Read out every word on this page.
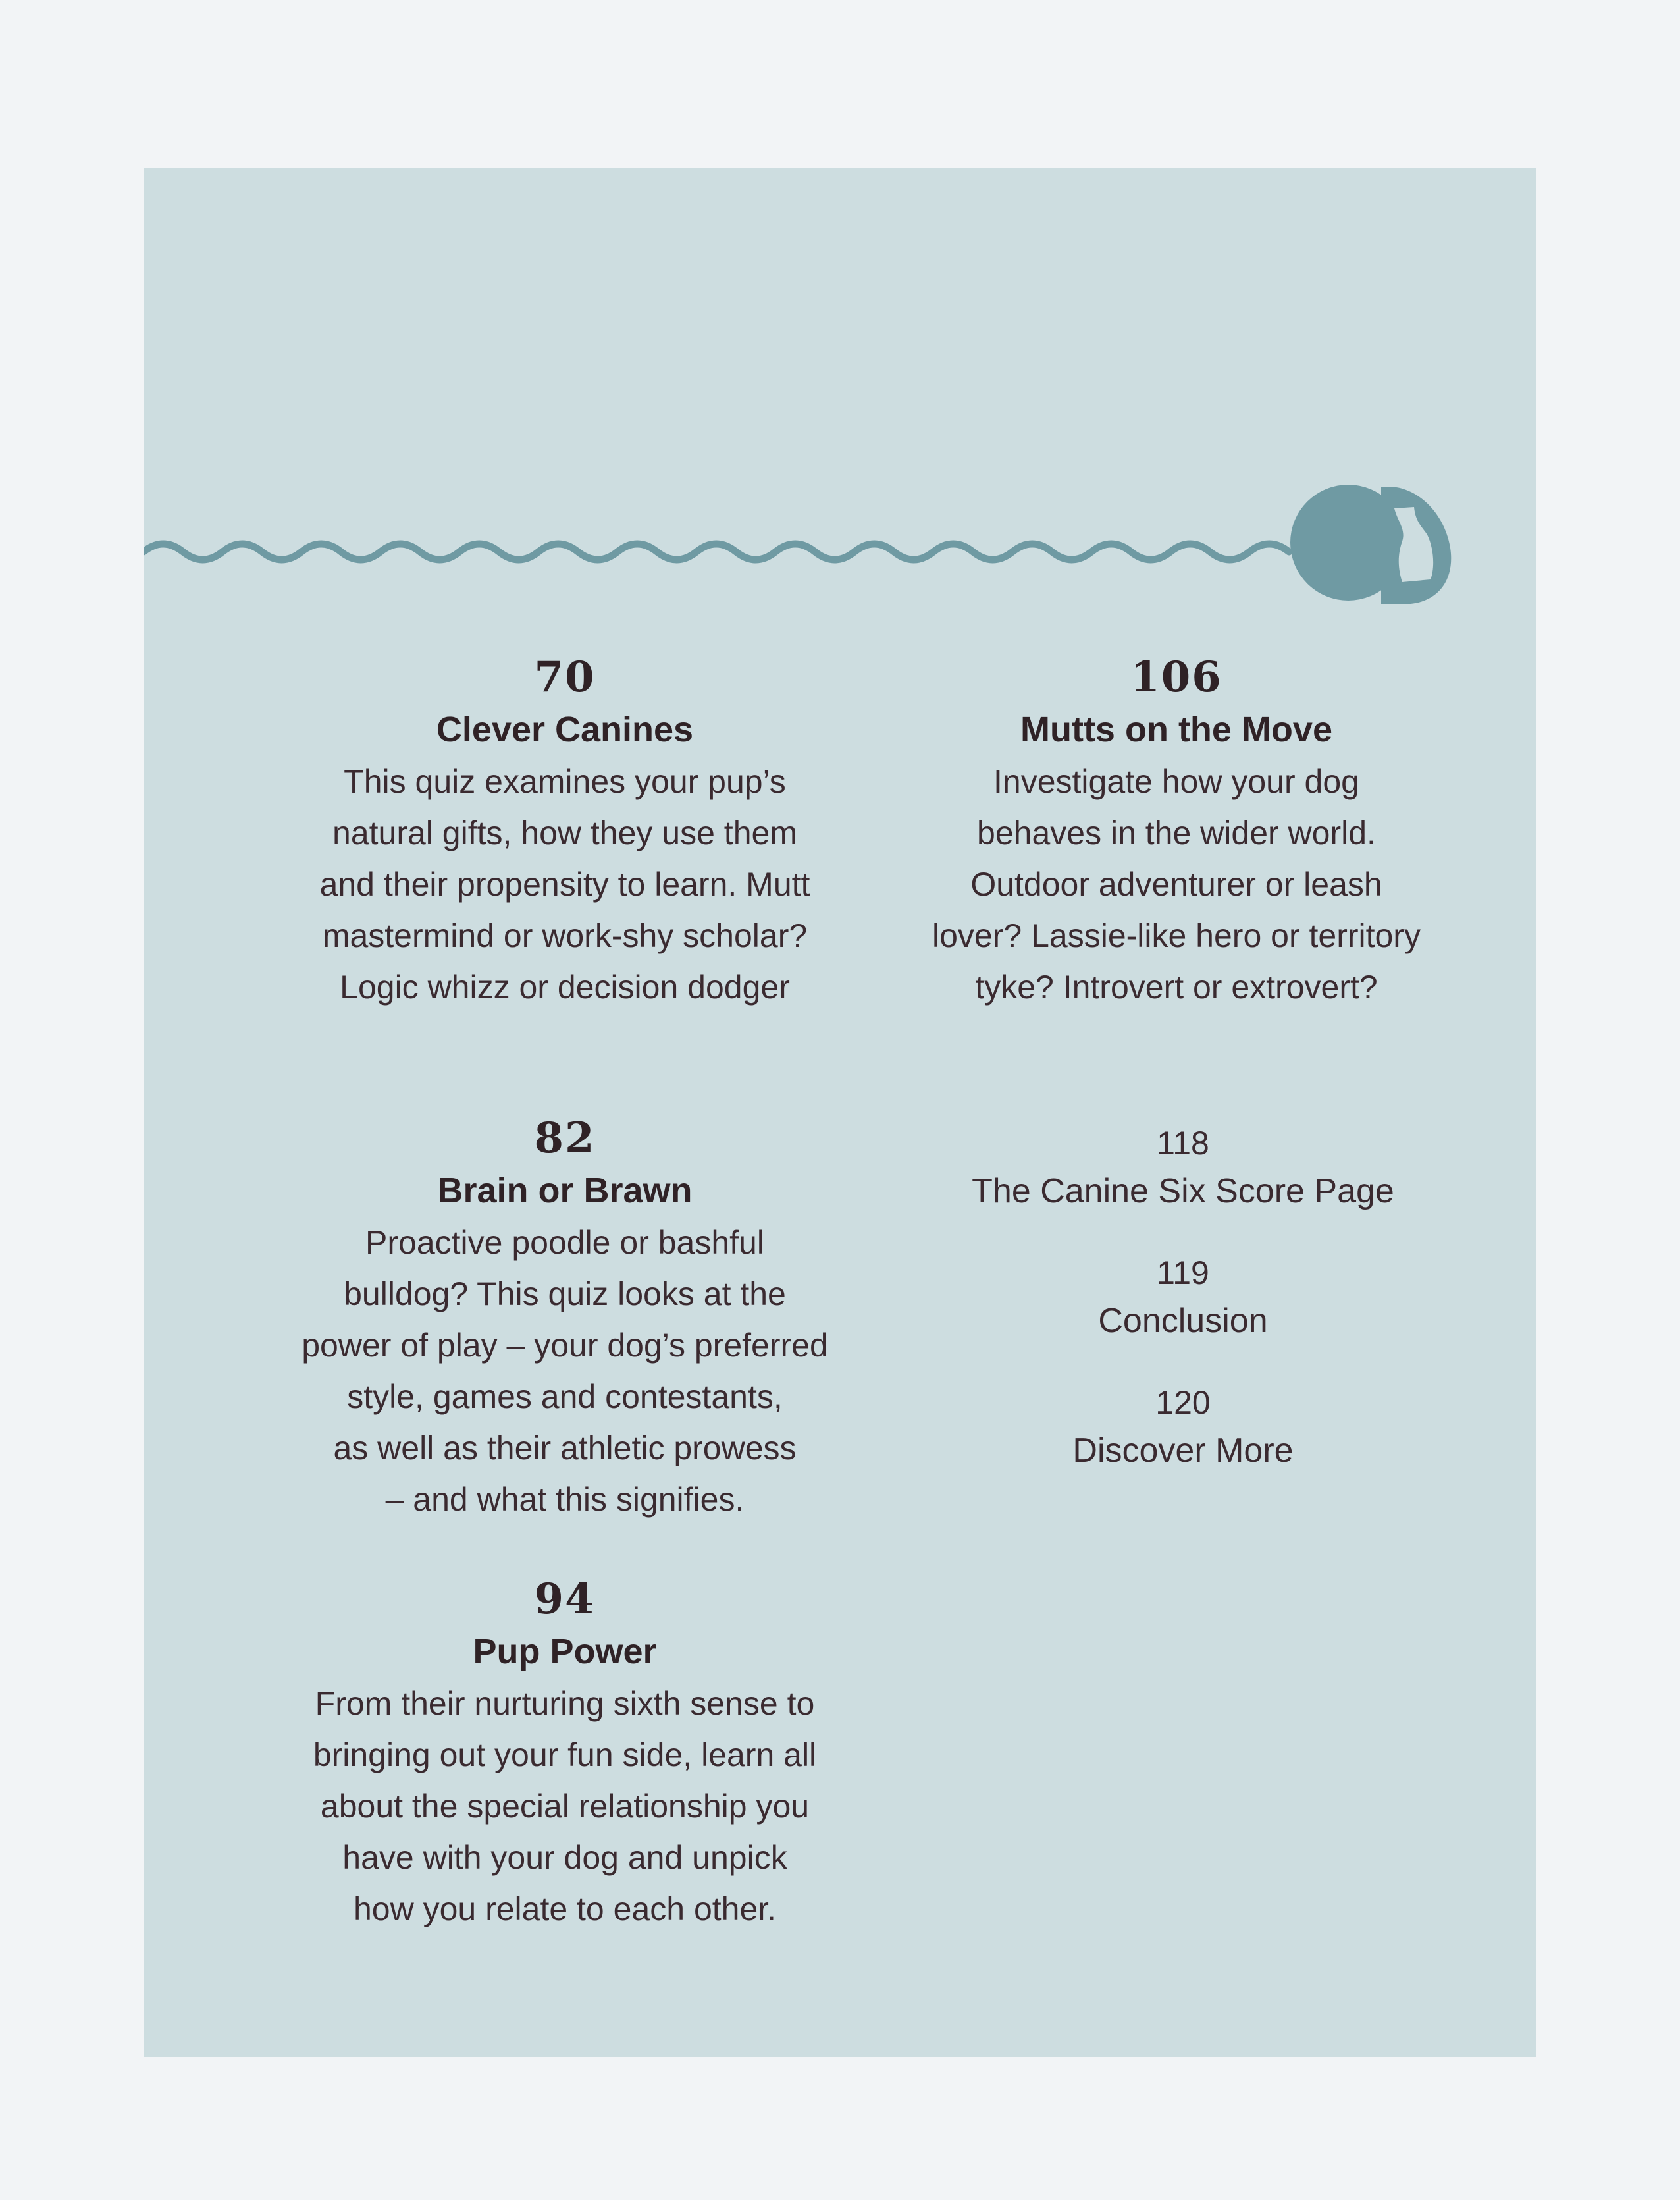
70
Clever Canines
This quiz examines your pup’s
natural gifts, how they use them
and their propensity to learn. Mutt
mastermind or work-shy scholar?
Logic whizz or decision dodger
82
Brain or Brawn
Proactive poodle or bashful
bulldog? This quiz looks at the
power of play – your dog’s preferred
style, games and contestants,
as well as their athletic prowess
– and what this signifies.
94
Pup Power
From their nurturing sixth sense to
bringing out your fun side, learn all
about the special relationship you
have with your dog and unpick
how you relate to each other.
106
Mutts on the Move
Investigate how your dog
behaves in the wider world.
Outdoor adventurer or leash
lover? Lassie-like hero or territory
tyke? Introvert or extrovert?
118
The Canine Six Score Page
119
Conclusion
120
Discover More
